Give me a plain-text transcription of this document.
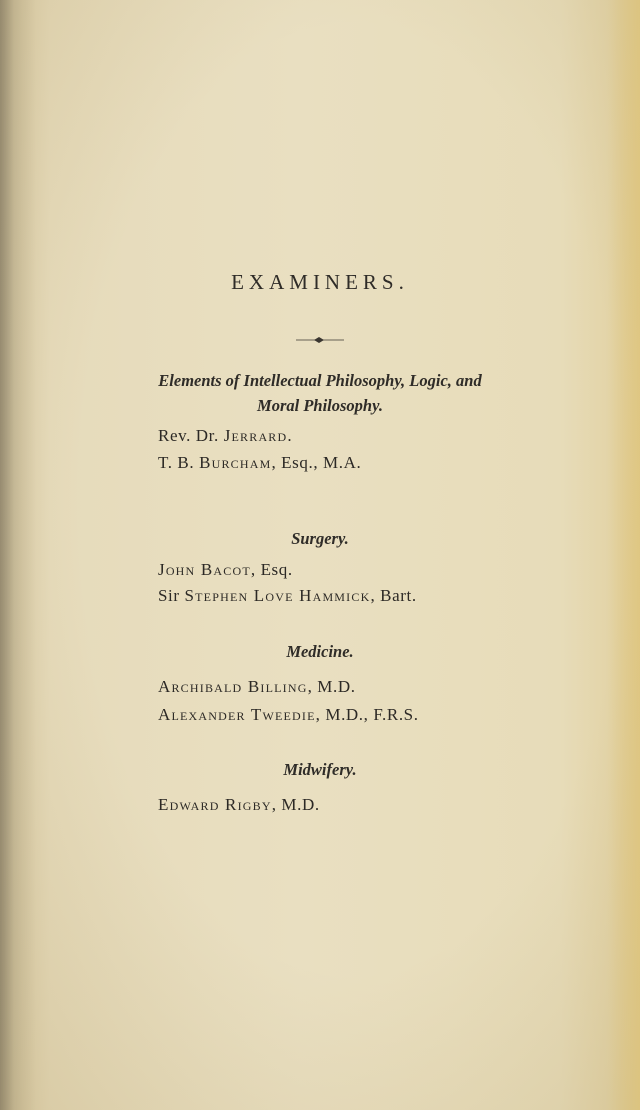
EXAMINERS.
Elements of Intellectual Philosophy, Logic, and
Moral Philosophy.
Rev. Dr. Jerrard.
T. B. Burcham, Esq., M.A.
Surgery.
John Bacot, Esq.
Sir Stephen Love Hammick, Bart.
Medicine.
Archibald Billing, M.D.
Alexander Tweedie, M.D., F.R.S.
Midwifery.
Edward Rigby, M.D.
